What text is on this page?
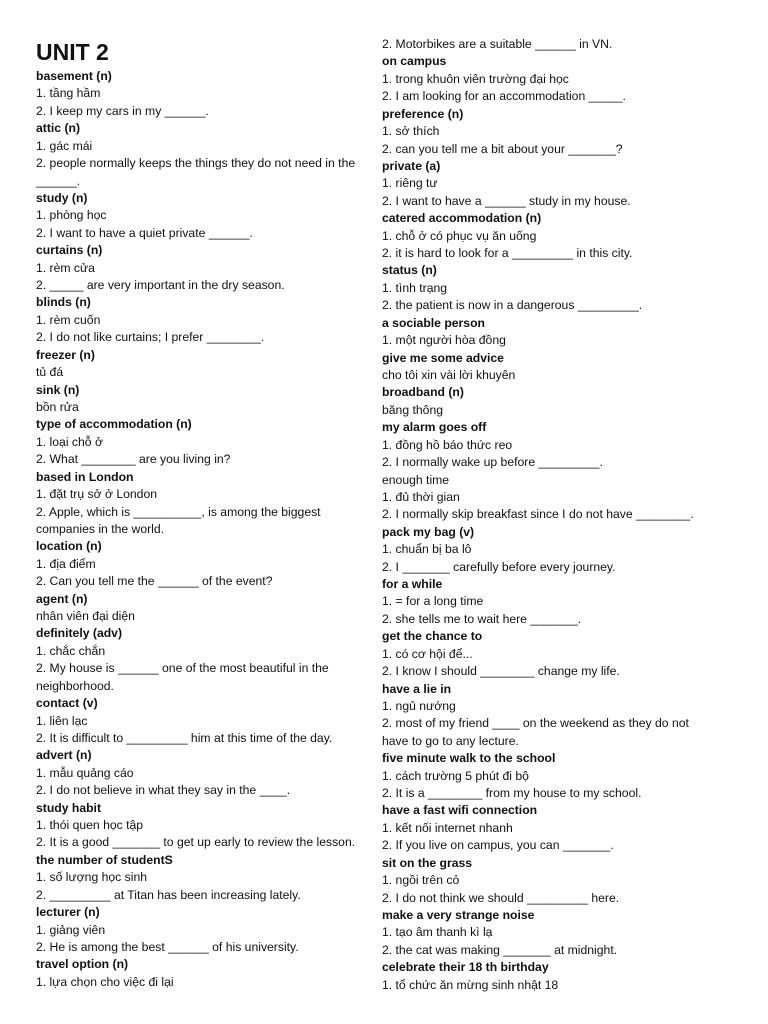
UNIT 2
basement (n)
1. tầng hầm
2. I keep my cars in my ______.
attic (n)
1. gác mái
2. people normally keeps the things they do not need in the
______.
study (n)
1. phòng học
2. I want to have a quiet private ______.
curtains (n)
1. rèm cửa
2. _____ are very important in the dry season.
blinds (n)
1. rèm cuốn
2. I do not like curtains; I prefer ________.
freezer (n)
tủ đá
sink (n)
bồn rửa
type of accommodation (n)
1. loại chỗ ở
2. What ________ are you living in?
based in London
1. đặt trụ sở ở London
2. Apple, which is __________, is among the biggest
companies in the world.
location (n)
1. địa điểm
2. Can you tell me the ______ of the event?
agent (n)
nhân viên đại diện
definitely (adv)
1. chắc chắn
2. My house is ______ one of the most beautiful in the
neighborhood.
contact (v)
1. liên lạc
2. It is difficult to _________ him at this time of the day.
advert (n)
1. mẫu quảng cáo
2. I do not believe in what they say in the ____.
study habit
1. thói quen học tập
2. It is a good _______ to get up early to review the lesson.
the number of studentS
1. số lượng học sinh
2. _________ at Titan has been increasing lately.
lecturer (n)
1. giảng viên
2. He is among the best ______ of his university.
travel option (n)
1. lựa chọn cho việc đi lại
2. Motorbikes are a suitable ______ in VN.
on campus
1. trong khuôn viên trường đại học
2. I am looking for an accommodation _____.
preference (n)
1. sở thích
2. can you tell me a bit about your _______?
private (a)
1. riêng tư
2. I want to have a ______ study in my house.
catered accommodation (n)
1. chỗ ở có phục vụ ăn uống
2. it is hard to look for a _________ in this city.
status (n)
1. tình trạng
2. the patient is now in a dangerous _________.
a sociable person
1. một người hòa đồng
give me some advice
cho tôi xin vài lời khuyên
broadband (n)
băng thông
my alarm goes off
1. đồng hồ báo thức reo
2. I normally wake up before _________.
enough time
1. đủ thời gian
2. I normally skip breakfast since I do not have ________.
pack my bag (v)
1. chuẩn bị ba lô
2. I _______ carefully before every journey.
for a while
1. = for a long time
2. she tells me to wait here _______.
get the chance to
1. có cơ hội để...
2. I know I should ________ change my life.
have a lie in
1. ngủ nướng
2. most of my friend ____ on the weekend as they do not
have to go to any lecture.
five minute walk to the school
1. cách trường 5 phút đi bộ
2. It is a ________ from my house to my school.
have a fast wifi connection
1. kết nối internet nhanh
2. If you live on campus, you can _______.
sit on the grass
1. ngồi trên cỏ
2. I do not think we should _________ here.
make a very strange noise
1. tạo âm thanh kì lạ
2. the cat was making _______ at midnight.
celebrate their 18 th birthday
1. tổ chức ăn mừng sinh nhật 18
